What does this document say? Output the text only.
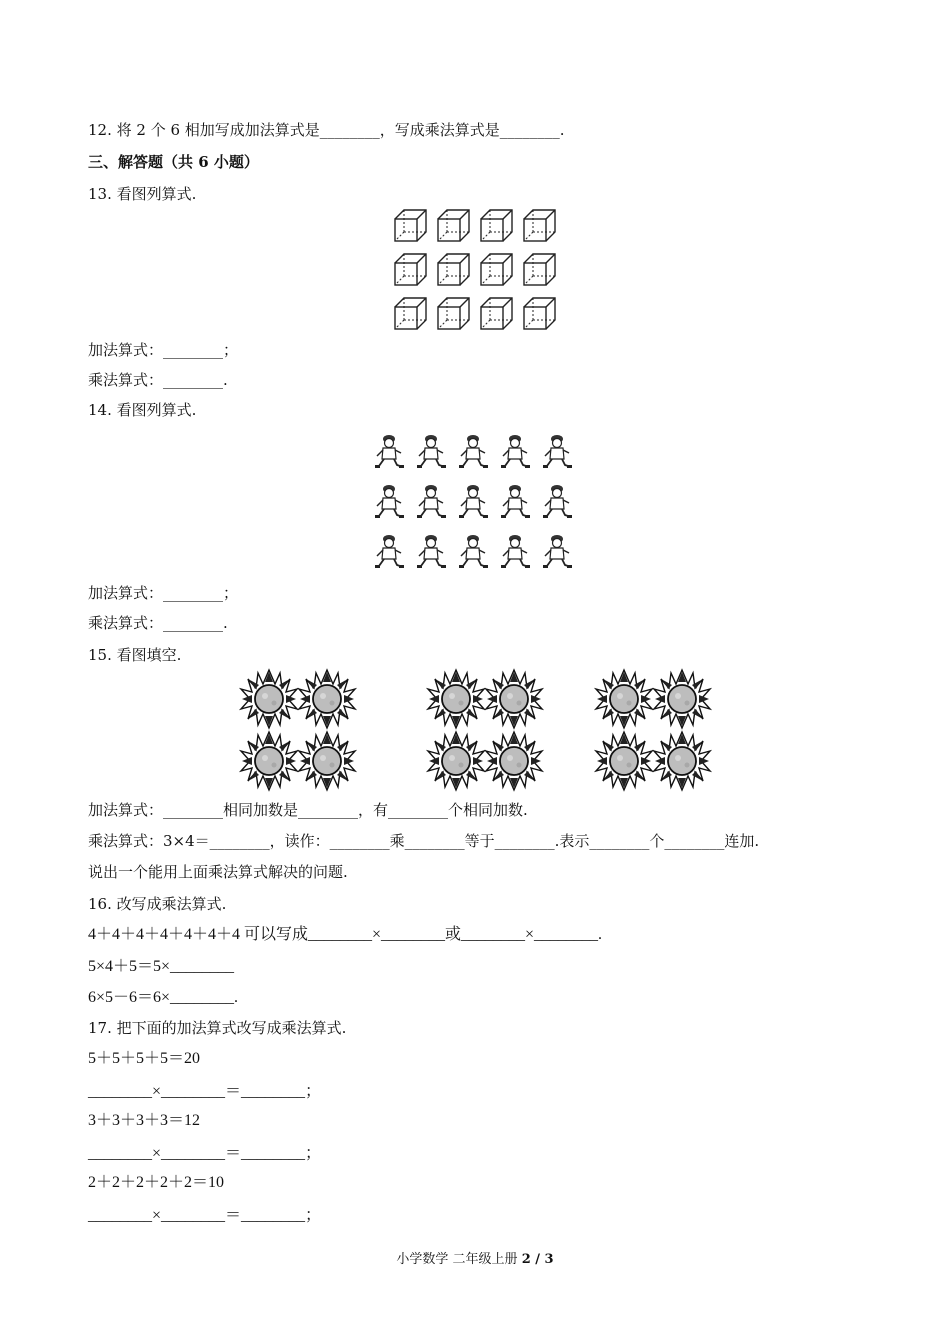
12. 将 2 个 6 相加写成加法算式是________，写成乘法算式是________.
三、解答题（共 6 小题）
13. 看图列算式.
加法算式：________；
乘法算式：________.
14. 看图列算式.
加法算式：________；
乘法算式：________.
15. 看图填空.
加法算式：________相同加数是________，有________个相同加数.
乘法算式：3×4＝________，读作：________乘________等于________.表示________个________连加.
说出一个能用上面乘法算式解决的问题.
16. 改写成乘法算式.
4＋4＋4＋4＋4＋4＋4 可以写成________×________或________×________.
5×4＋5＝5×________
6×5－6＝6×________.
17. 把下面的加法算式改写成乘法算式.
5＋5＋5＋5＝20
________×________＝________；
3＋3＋3＋3＝12
________×________＝________；
2＋2＋2＋2＋2＝10
________×________＝________；
小学数学 二年级上册 2 / 3
